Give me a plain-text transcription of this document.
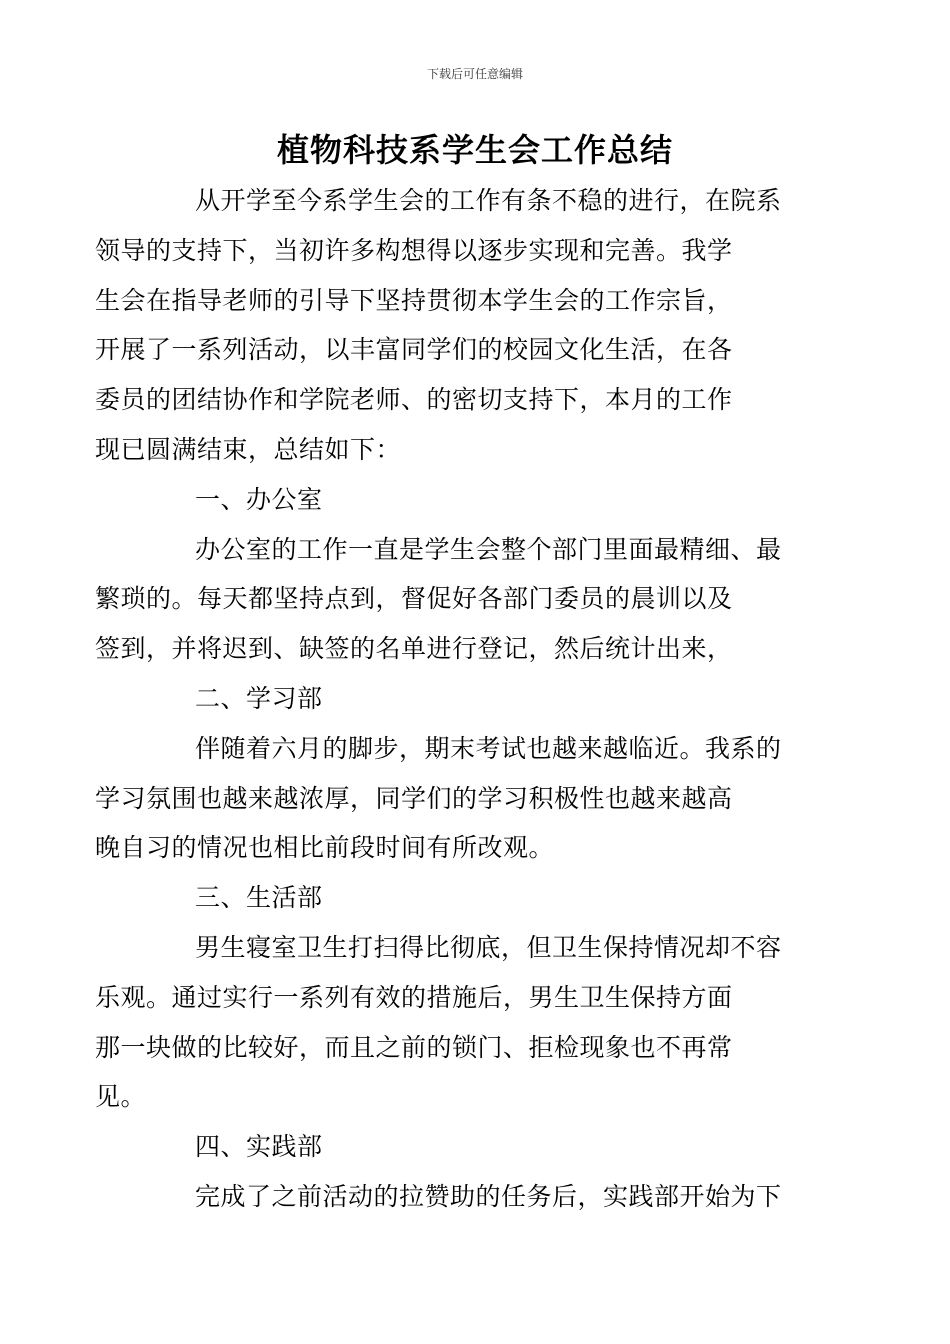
下载后可任意编辑
植物科技系学生会工作总结

从开学至今系学生会的工作有条不稳的进行，在院系
领导的支持下，当初许多构想得以逐步实现和完善。我学
生会在指导老师的引导下坚持贯彻本学生会的工作宗旨，
开展了一系列活动，以丰富同学们的校园文化生活，在各
委员的团结协作和学院老师、的密切支持下，本月的工作
现已圆满结束，总结如下：

一、办公室

办公室的工作一直是学生会整个部门里面最精细、最
繁琐的。每天都坚持点到，督促好各部门委员的晨训以及
签到，并将迟到、缺签的名单进行登记，然后统计出来，

二、学习部

伴随着六月的脚步，期末考试也越来越临近。我系的
学习氛围也越来越浓厚，同学们的学习积极性也越来越高
晚自习的情况也相比前段时间有所改观。

三、生活部

男生寝室卫生打扫得比彻底，但卫生保持情况却不容
乐观。通过实行一系列有效的措施后，男生卫生保持方面
那一块做的比较好，而且之前的锁门、拒检现象也不再常
见。

四、实践部

完成了之前活动的拉赞助的任务后，实践部开始为下
